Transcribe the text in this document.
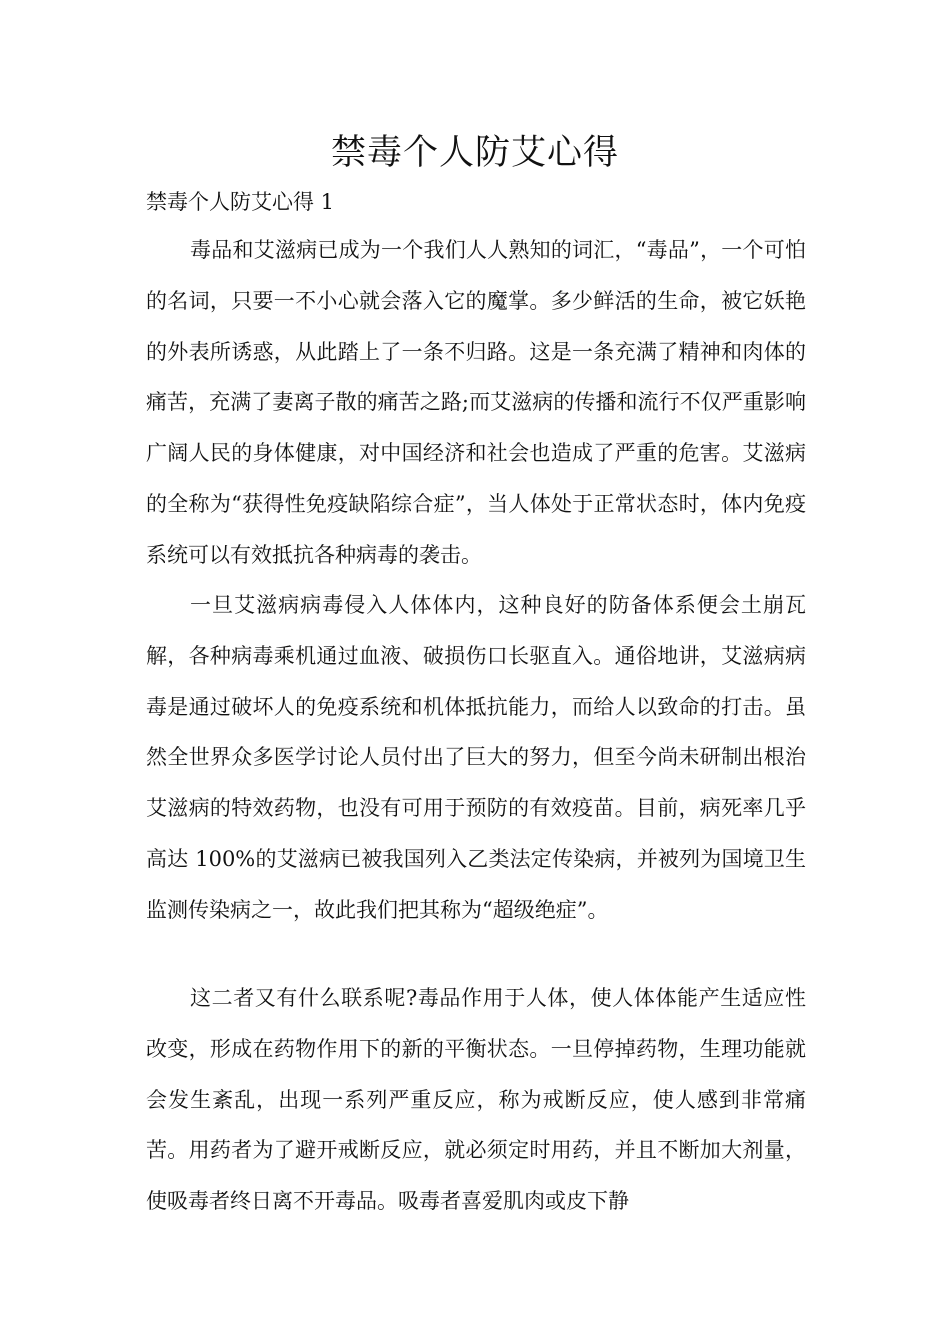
禁毒个人防艾心得

禁毒个人防艾心得 1

毒品和艾滋病已成为一个我们人人熟知的词汇，“毒品”，一个可怕的名词，只要一不小心就会落入它的魔掌。多少鲜活的生命，被它妖艳的外表所诱惑，从此踏上了一条不归路。这是一条充满了精神和肉体的痛苦，充满了妻离子散的痛苦之路;而艾滋病的传播和流行不仅严重影响广阔人民的身体健康，对中国经济和社会也造成了严重的危害。艾滋病的全称为“获得性免疫缺陷综合症”，当人体处于正常状态时，体内免疫系统可以有效抵抗各种病毒的袭击。

一旦艾滋病病毒侵入人体体内，这种良好的防备体系便会土崩瓦解，各种病毒乘机通过血液、破损伤口长驱直入。通俗地讲，艾滋病病毒是通过破坏人的免疫系统和机体抵抗能力，而给人以致命的打击。虽然全世界众多医学讨论人员付出了巨大的努力，但至今尚未研制出根治艾滋病的特效药物，也没有可用于预防的有效疫苗。目前，病死率几乎高达 100%的艾滋病已被我国列入乙类法定传染病，并被列为国境卫生监测传染病之一，故此我们把其称为“超级绝症”。

这二者又有什么联系呢?毒品作用于人体，使人体体能产生适应性改变，形成在药物作用下的新的平衡状态。一旦停掉药物，生理功能就会发生紊乱，出现一系列严重反应，称为戒断反应，使人感到非常痛苦。用药者为了避开戒断反应，就必须定时用药，并且不断加大剂量，使吸毒者终日离不开毒品。吸毒者喜爱肌肉或皮下静
